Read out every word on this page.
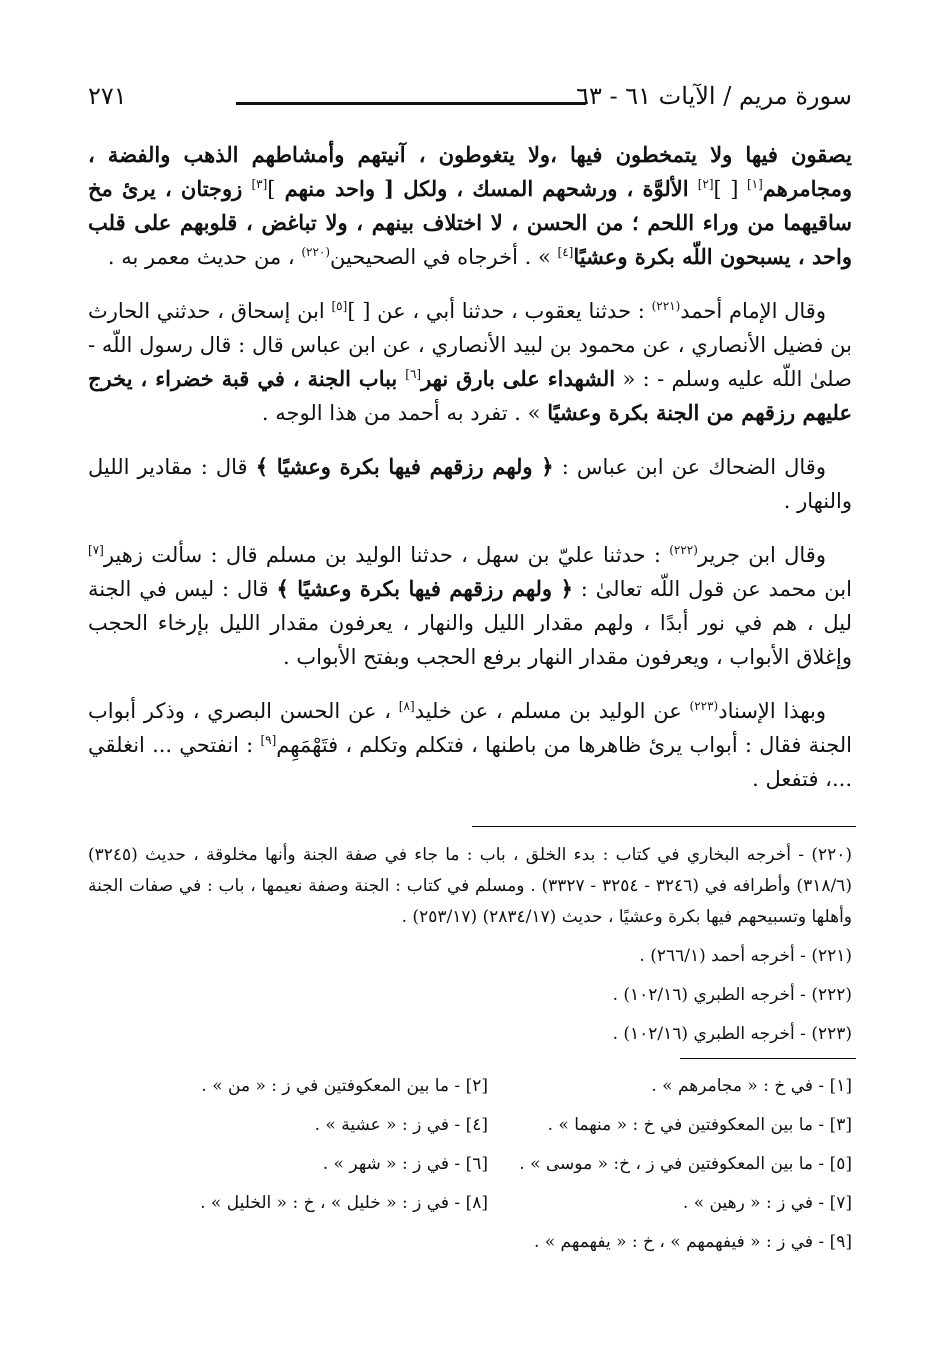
سورة مريم / الآيات ٦١ - ٦٣
٢٧١

يصقون فيها ولا يتمخطون فيها ،ولا يتغوطون ، آنيتهم وأمشاطهم الذهب والفضة ، ومجامرهم[١] [ ][٢] الألوَّة ، ورشحهم المسك ، ولكل [ واحد منهم ][٣] زوجتان ، يرئ مخ ساقيهما من وراء اللحم ؛ من الحسن ، لا اختلاف بينهم ، ولا تباغض ، قلوبهم على قلب واحد ، يسبحون اللّه بكرة وعشيًا[٤] » . أخرجاه في الصحيحين$^{(٢٢٠)}$ ، من حديث معمر به .

وقال الإمام أحمد$^{(٢٢١)}$ : حدثنا يعقوب ، حدثنا أبي ، عن [ ][٥] ابن إسحاق ، حدثني الحارث بن فضيل الأنصاري ، عن محمود بن لبيد الأنصاري ، عن ابن عباس قال : قال رسول اللّه - صلىٰ اللّه عليه وسلم - : « الشهداء على بارق نهر[٦] بباب الجنة ، في قبة خضراء ، يخرج عليهم رزقهم من الجنة بكرة وعشيًا » . تفرد به أحمد من هذا الوجه .

وقال الضحاك عن ابن عباس : ﴿ ولهم رزقهم فيها بكرة وعشيًا ﴾ قال : مقادير الليل والنهار .

وقال ابن جرير$^{(٢٢٢)}$ : حدثنا عليّ بن سهل ، حدثنا الوليد بن مسلم قال : سألت زهير[٧] ابن محمد عن قول اللّه تعالىٰ : ﴿ ولهم رزقهم فيها بكرة وعشيًا ﴾ قال : ليس في الجنة ليل ، هم في نور أبدًا ، ولهم مقدار الليل والنهار ، يعرفون مقدار الليل بإرخاء الحجب وإغلاق الأبواب ، ويعرفون مقدار النهار برفع الحجب وبفتح الأبواب .

وبهذا الإسناد$^{(٢٢٣)}$ عن الوليد بن مسلم ، عن خليد[٨] ، عن الحسن البصري ، وذكر أبواب الجنة فقال : أبواب يرئ ظاهرها من باطنها ، فتكلم وتكلم ، فتَهْمَهِم[٩] : انفتحي ... انغلقي ...، فتفعل .

(٢٢٠) - أخرجه البخاري في كتاب : بدء الخلق ، باب : ما جاء في صفة الجنة وأنها مخلوقة ، حديث (٣٢٤٥) (٣١٨/٦) وأطرافه في (٣٢٤٦ - ٣٢٥٤ - ٣٣٢٧) . ومسلم في كتاب : الجنة وصفة نعيمها ، باب : في صفات الجنة وأهلها وتسبيحهم فيها بكرة وعشيًا ، حديث (٢٨٣٤/١٧) (٢٥٣/١٧) .

(٢٢١) - أخرجه أحمد (٢٦٦/١) .

(٢٢٢) - أخرجه الطبري (١٠٢/١٦) .

(٢٢٣) - أخرجه الطبري (١٠٢/١٦) .

[١] - في خ : « مجامرهم » .
[٢] - ما بين المعكوفتين في ز : « من » .
[٣] - ما بين المعكوفتين في خ : « منهما » .
[٤] - في ز : « عشية » .
[٥] - ما بين المعكوفتين في ز ، خ: « موسى » .
[٦] - في ز : « شهر » .
[٧] - في ز : « رهين » .
[٨] - في ز : « خليل » ، خ : « الخليل » .
[٩] - في ز : « فيفهمهم » ، خ : « يفهمهم » .
